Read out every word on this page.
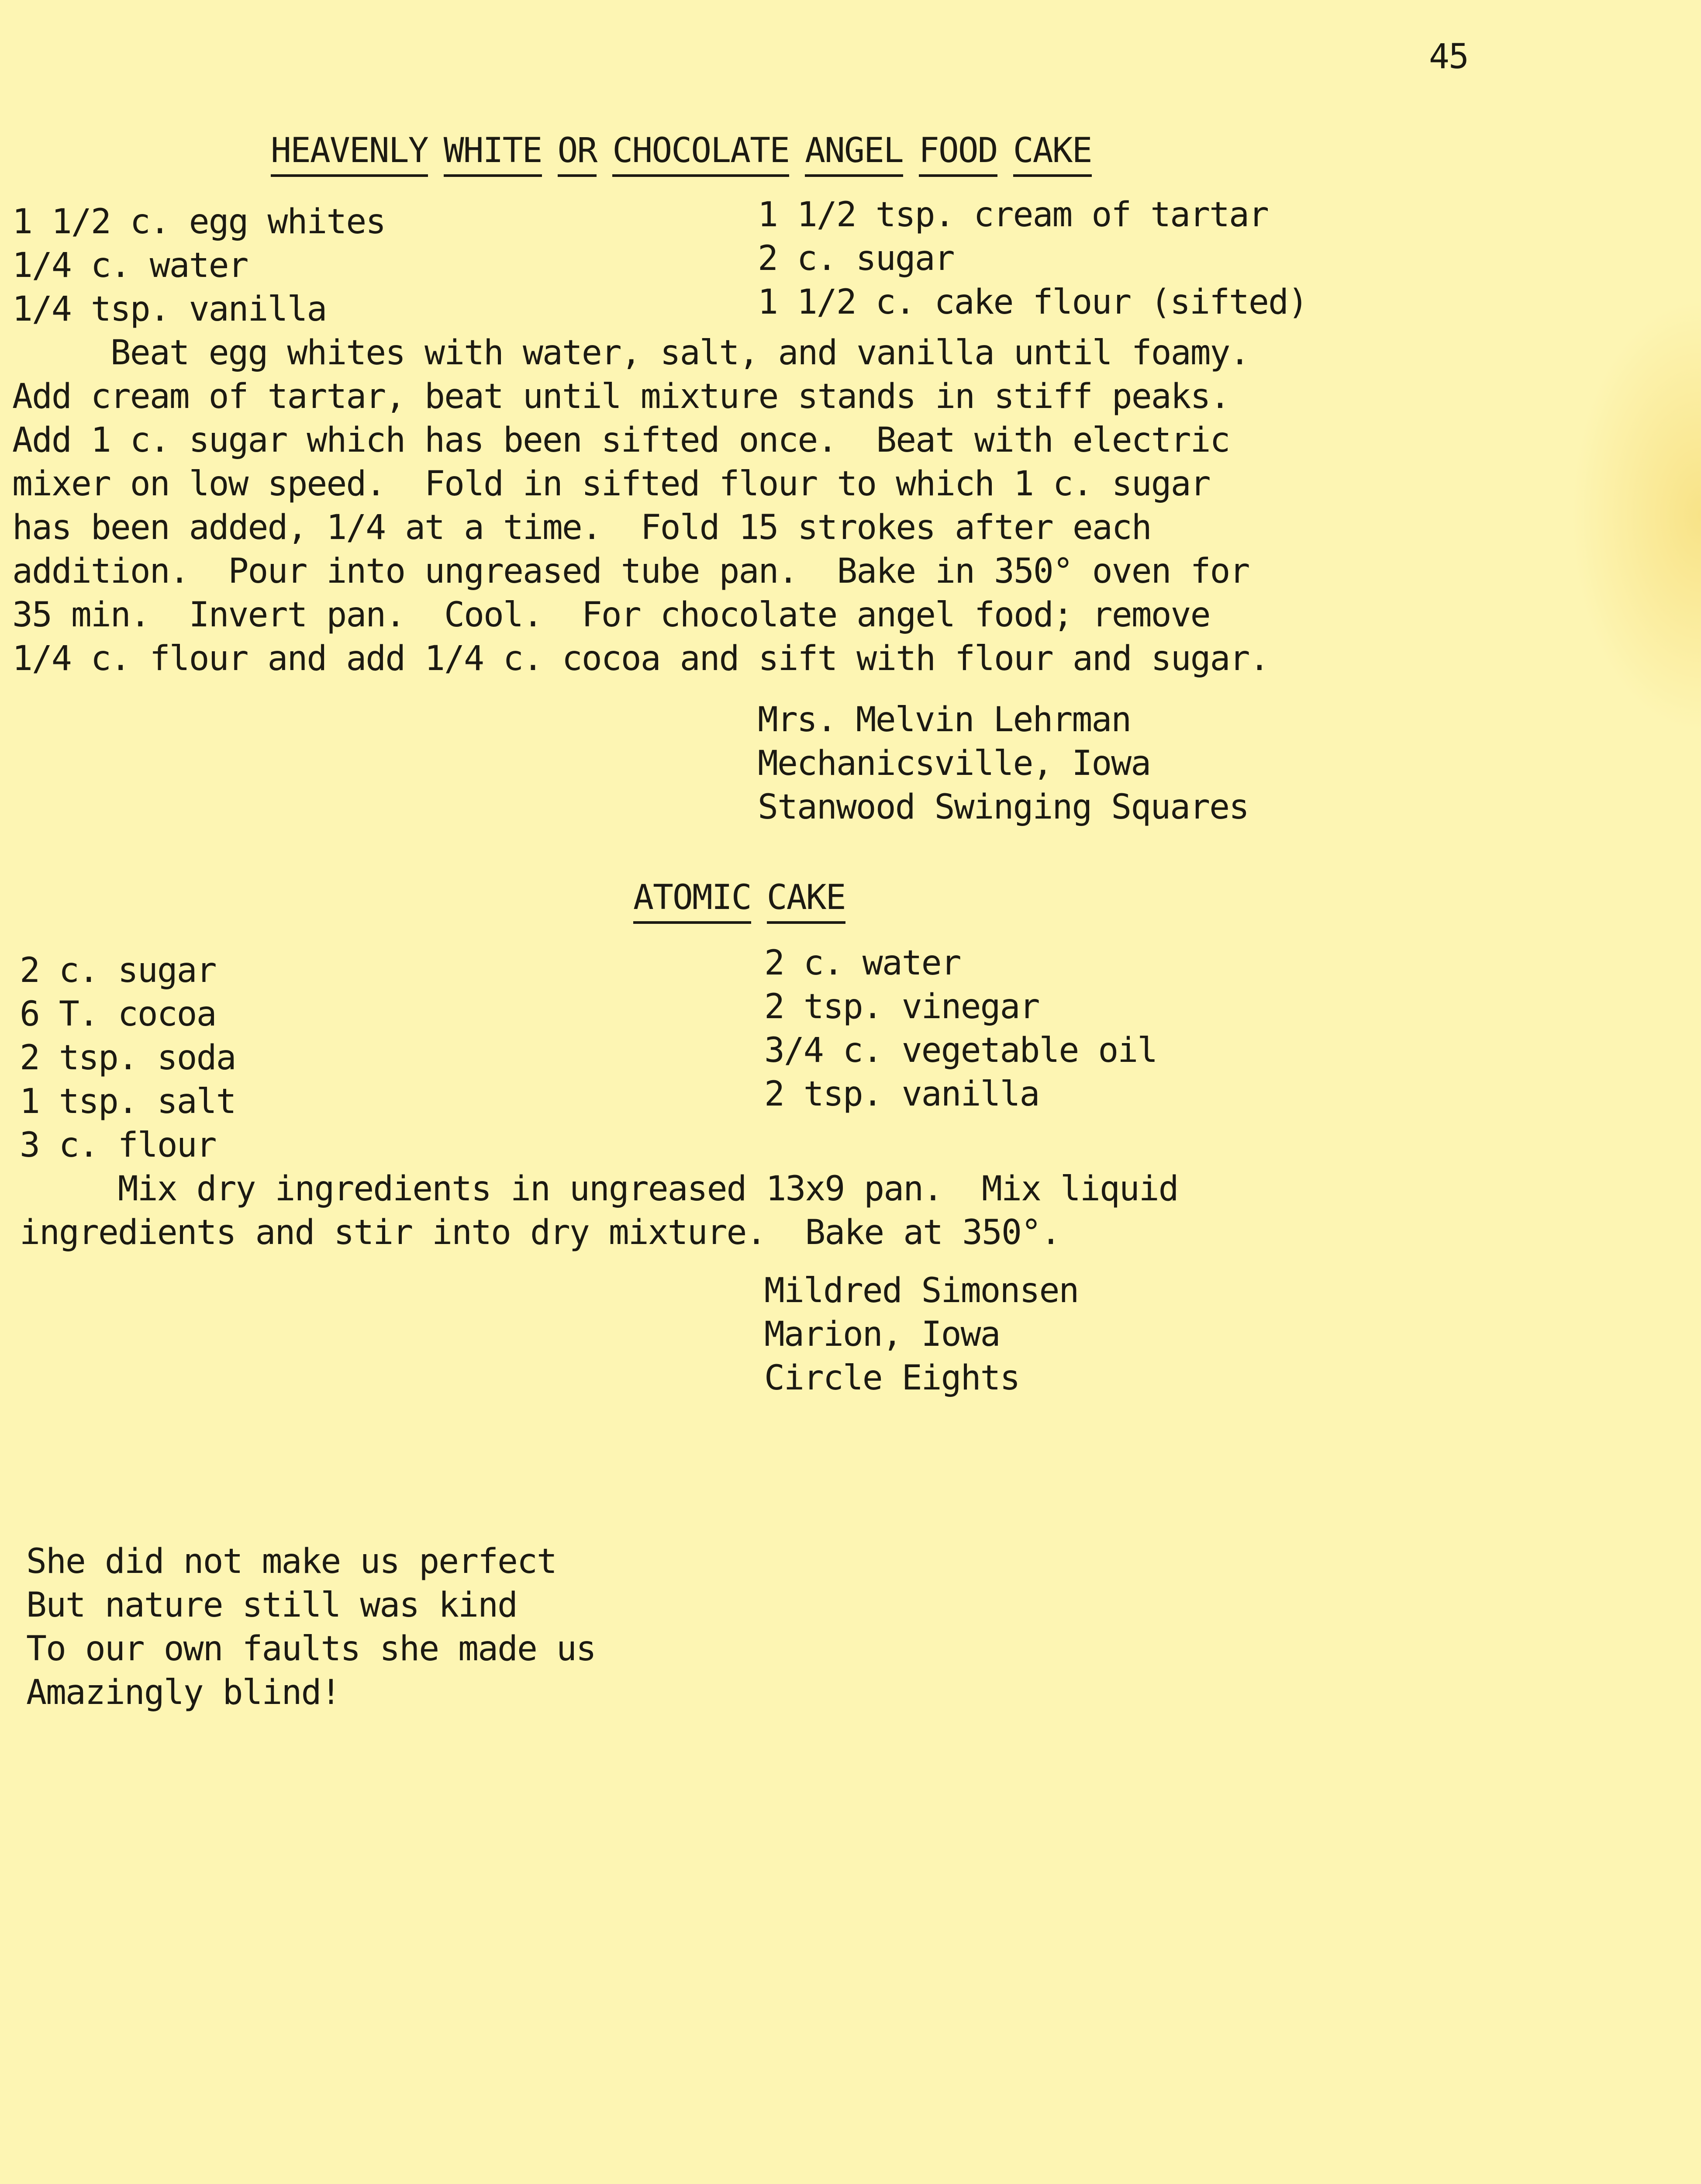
45
HEAVENLY WHITE OR CHOCOLATE ANGEL FOOD CAKE
1 1/2 c. egg whites
1/4 c. water
1/4 tsp. vanilla
1 1/2 tsp. cream of tartar
2 c. sugar
1 1/2 c. cake flour (sifted)
Beat egg whites with water, salt, and vanilla until foamy.
Add cream of tartar, beat until mixture stands in stiff peaks.
Add 1 c. sugar which has been sifted once.  Beat with electric
mixer on low speed.  Fold in sifted flour to which 1 c. sugar
has been added, 1/4 at a time.  Fold 15 strokes after each
addition.  Pour into ungreased tube pan.  Bake in 350° oven for
35 min.  Invert pan.  Cool.  For chocolate angel food; remove
1/4 c. flour and add 1/4 c. cocoa and sift with flour and sugar.
Mrs. Melvin Lehrman
Mechanicsville, Iowa
Stanwood Swinging Squares
ATOMIC CAKE
2 c. sugar
6 T. cocoa
2 tsp. soda
1 tsp. salt
3 c. flour
2 c. water
2 tsp. vinegar
3/4 c. vegetable oil
2 tsp. vanilla
Mix dry ingredients in ungreased 13x9 pan.  Mix liquid
ingredients and stir into dry mixture.  Bake at 350°.
Mildred Simonsen
Marion, Iowa
Circle Eights
She did not make us perfect
But nature still was kind
To our own faults she made us
Amazingly blind!
